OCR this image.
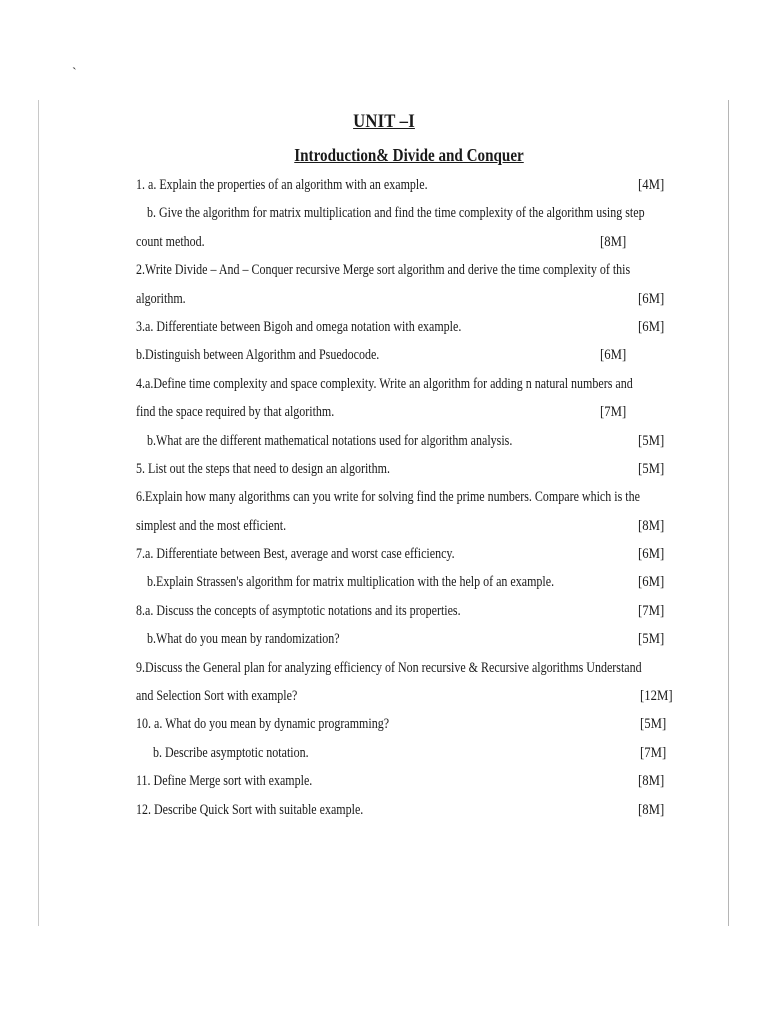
`
UNIT –I
Introduction& Divide and Conquer
1. a. Explain the properties of an algorithm with an example.	[4M]
b. Give the algorithm for matrix multiplication and find the time complexity of the algorithm using step
count method.	[8M]
2.Write Divide – And – Conquer recursive Merge sort algorithm and derive the time complexity of this
algorithm.	[6M]
3.a. Differentiate between Bigoh and omega notation with example.	[6M]
b.Distinguish between Algorithm and Psuedocode.	[6M]
4.a.Define time complexity and space complexity. Write an algorithm for adding n natural numbers and
find the space required by that algorithm.	[7M]
b.What are the different mathematical notations used for algorithm analysis.	[5M]
5. List out the steps that need to design an algorithm.	[5M]
6.Explain how many algorithms can you write for solving find the prime numbers. Compare which is the
simplest and the most efficient.	[8M]
7.a. Differentiate between Best, average and worst case efficiency.	[6M]
b.Explain Strassen's algorithm for matrix multiplication with the help of an example.	[6M]
8.a. Discuss the concepts of asymptotic notations and its properties.	[7M]
b.What do you mean by randomization?	[5M]
9.Discuss the General plan for analyzing efficiency of Non recursive & Recursive algorithms Understand
and Selection Sort with example?	[12M]
10. a. What do you mean by dynamic programming?	[5M]
b. Describe asymptotic notation.	[7M]
11. Define Merge sort with example.	[8M]
12. Describe Quick Sort with suitable example.	[8M]
